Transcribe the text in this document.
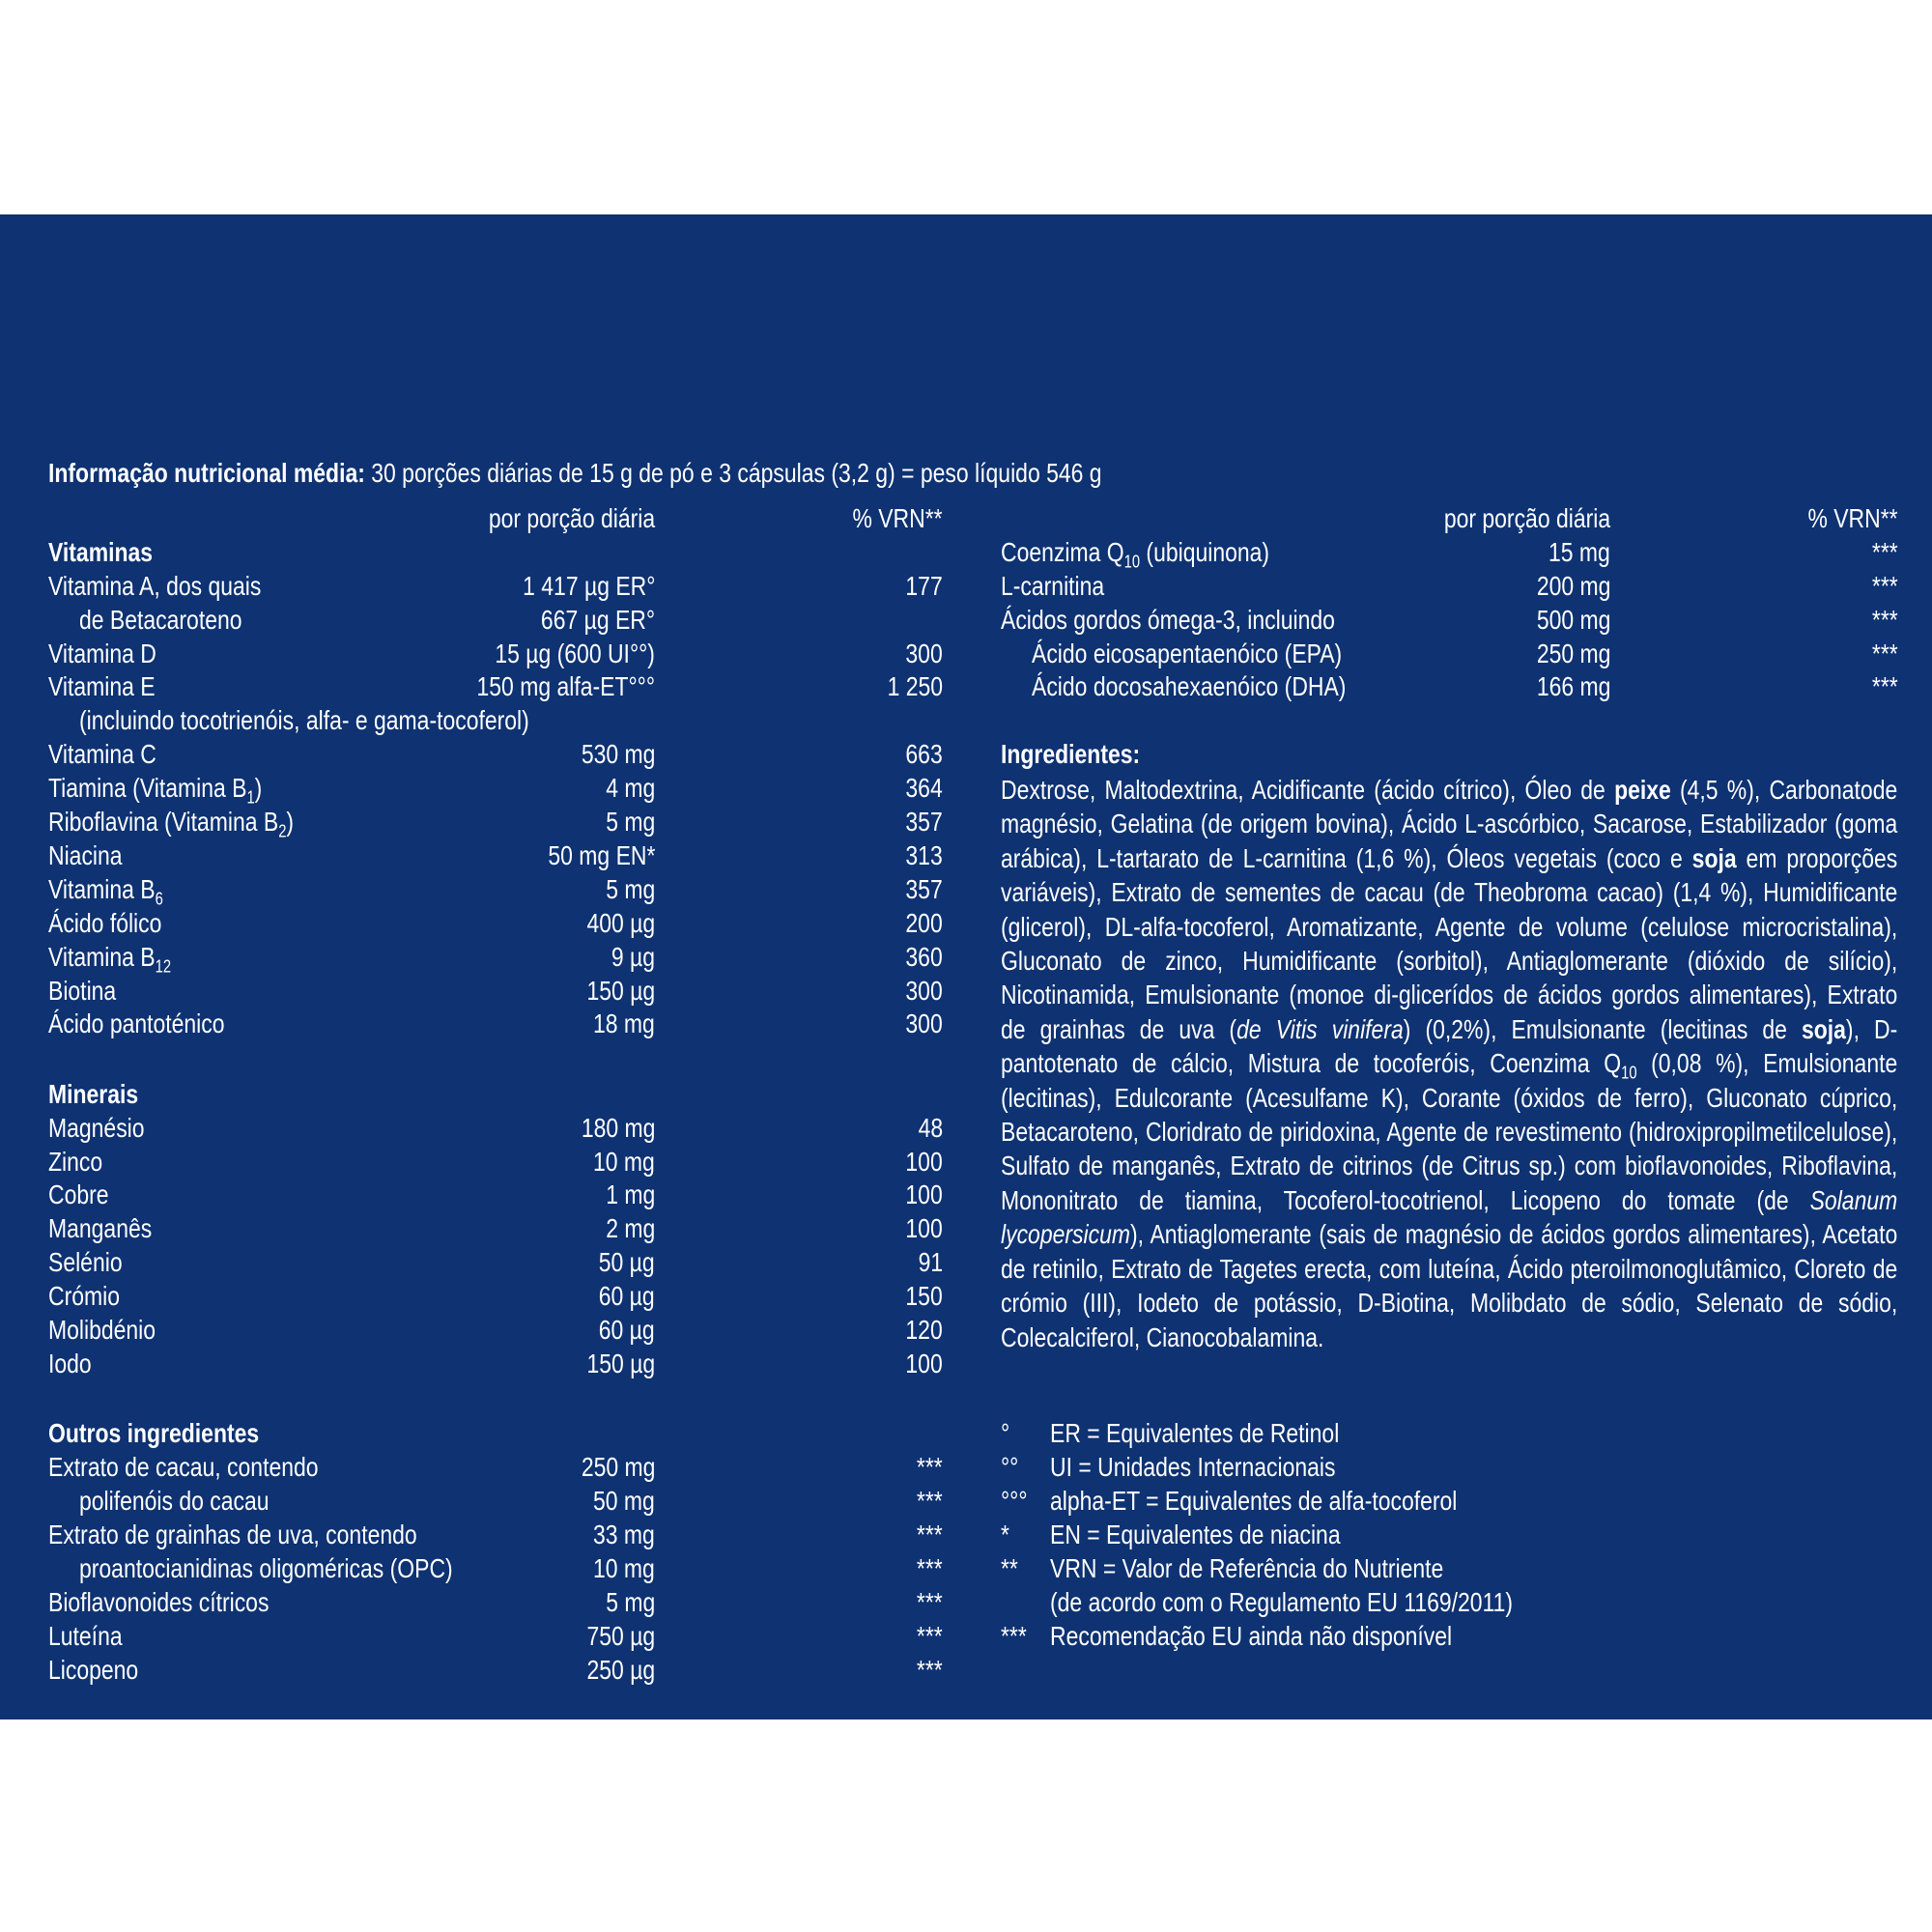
Informação nutricional média: 30 porções diárias de 15 g de pó e 3 cápsulas (3,2 g) = peso líquido 546 g
por porção diária	% VRN**	por porção diária	% VRN**
Vitaminas
Vitamina A, dos quais	1 417 µg ER°	177
de Betacaroteno	667 µg ER°
Vitamina D	15 µg (600 UI°°)	300
Vitamina E	150 mg alfa-ET°°°	1 250
(incluindo tocotrienóis, alfa- e gama-tocoferol)
Vitamina C	530 mg	663
Tiamina (Vitamina $B_1$)	4 mg	364
Riboflavina (Vitamina $B_2$)	5 mg	357
Niacina	50 mg EN*	313
Vitamina $B_6$	5 mg	357
Ácido fólico	400 µg	200
Vitamina $B_{12}$	9 µg	360
Biotina	150 µg	300
Ácido pantoténico	18 mg	300
Minerais
Magnésio	180 mg	48
Zinco	10 mg	100
Cobre	1 mg	100
Manganês	2 mg	100
Selénio	50 µg	91
Crómio	60 µg	150
Molibdénio	60 µg	120
Iodo	150 µg	100
Outros ingredientes
Extrato de cacau, contendo	250 mg	***
polifenóis do cacau	50 mg	***
Extrato de grainhas de uva, contendo	33 mg	***
proantocianidinas oligoméricas (OPC)	10 mg	***
Bioflavonoides cítricos	5 mg	***
Luteína	750 µg	***
Licopeno	250 µg	***
Coenzima $Q_{10}$ (ubiquinona)	15 mg	***
L-carnitina	200 mg	***
Ácidos gordos ómega-3, incluindo	500 mg	***
Ácido eicosapentaenóico (EPA)	250 mg	***
Ácido docosahexaenóico (DHA)	166 mg	***
Ingredientes:

Dextrose, Maltodextrina, Acidificante (ácido cítrico), Óleo de peixe (4,5 %), Carbonatode magnésio, Gelatina (de origem bovina), Ácido L-ascórbico, Sacarose, Estabilizador (goma arábica), L-tartarato de L-carnitina (1,6 %), Óleos vegetais (coco e soja em proporções variáveis), Extrato de sementes de cacau (de Theobroma cacao) (1,4 %), Humidificante (glicerol), DL-alfa-tocoferol, Aromatizante, Agente de volume (celulose microcristalina), Gluconato de zinco, Humidificante (sorbitol), Antiaglomerante (dióxido de silício), Nicotinamida, Emulsionante (monoe di-glicerídos de ácidos gordos alimentares), Extrato de grainhas de uva (de Vitis vinifera) (0,2%), Emulsionante (lecitinas de soja), D-pantotenato de cálcio, Mistura de tocoferóis, Coenzima $Q_{10}$ (0,08 %), Emulsionante (lecitinas), Edulcorante (Acesulfame K), Corante (óxidos de ferro), Gluconato cúprico, Betacaroteno, Cloridrato de piridoxina, Agente de revestimento (hidroxipropilmetilcelulose), Sulfato de manganês, Extrato de citrinos (de Citrus sp.) com bioflavonoides, Riboflavina, Mononitrato de tiamina, Tocoferol-tocotrienol, Licopeno do tomate (de Solanum lycopersicum), Antiaglomerante (sais de magnésio de ácidos gordos alimentares), Acetato de retinilo, Extrato de Tagetes erecta, com luteína, Ácido pteroilmonoglutâmico, Cloreto de crómio (III), Iodeto de potássio, D-Biotina, Molibdato de sódio, Selenato de sódio, Colecalciferol, Cianocobalamina.

° ER = Equivalentes de Retinol
°° UI = Unidades Internacionais
°°° alpha-ET = Equivalentes de alfa-tocoferol
* EN = Equivalentes de niacina
** VRN = Valor de Referência do Nutriente
(de acordo com o Regulamento EU 1169/2011)
*** Recomendação EU ainda não disponível
